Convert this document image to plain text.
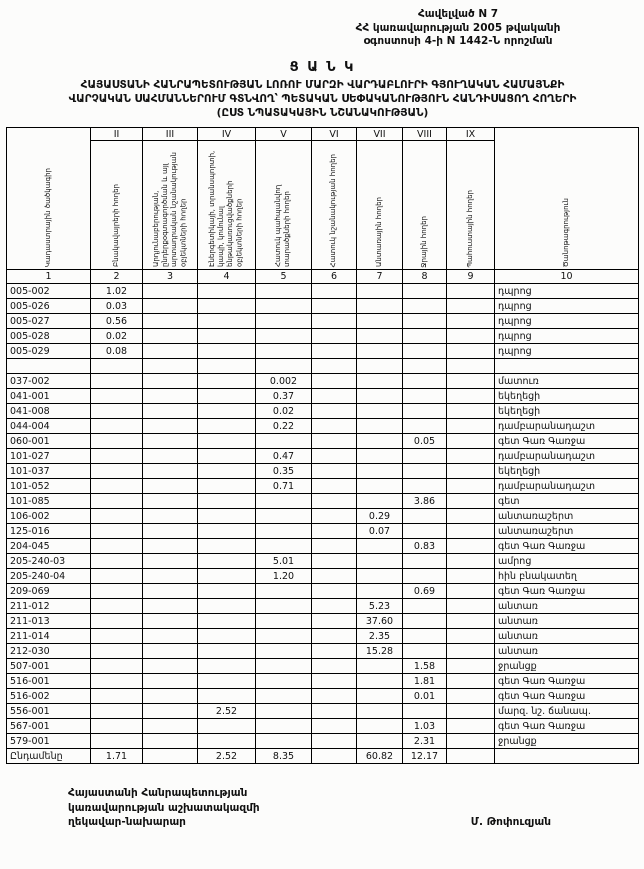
Հավելված N 7
ՀՀ կառավարության 2005 թվականի
օգոստոսի 4-ի N 1442-Ն որոշման
Ց Ա Ն Կ
ՀԱՅԱՍՏԱՆԻ ՀԱՆՐԱՊԵՏՈՒԹՅԱՆ ԼՈՌՈՒ ՄԱՐԶԻ ՎԱՐԴԱԲԼՈՒՐԻ ԳՅՈՒՂԱԿԱՆ ՀԱՄԱՅՆՔԻ
ՎԱՐՉԱԿԱՆ ՍԱՀՄԱՆՆԵՐՈՒՄ ԳՏՆՎՈՂ՝ ՊԵՏԱԿԱՆ ՍԵՓԱԿԱՆՈՒԹՅՈՒՆ ՀԱՆԴԻՍԱՑՈՂ ՀՈՂԵՐԻ
(ԸՍՏ ՆՊԱՏԱԿԱՅԻՆ ՆՇԱՆԱԿՈՒԹՅԱՆ)
Կադաստրային ծածկագիր	II	III	IV	V	VI	VII	VIII	IX	Ծանոթագրություն

	Բնակավայրերի հողեր	Արդյունաբերության, ընդերքօգտագործման և այլ արտադրական նշանակության օբյեկտների հողեր	Էներգետիկայի, տրանսպորտի, կապի, կոմունալ ենթակառուցվածքների օբյեկտների հողեր	Հատուկ պահպանվող տարածքների հողեր	Հատուկ նշանակության հողեր	Անտառային հողեր	Ջրային հողեր	Պահուստային հողեր	

1	2	3	4	5	6	7	8	9	10
005-002	1.02								դպրոց
005-026	0.03								դպրոց
005-027	0.56								դպրոց
005-028	0.02								դպրոց
005-029	0.08								դպրոց

037-002				0.002					մատուռ
041-001				0.37					եկեղեցի
041-008				0.02					եկեղեցի
044-004				0.22					դամբարանադաշտ
060-001							0.05		գետ Գառ Գառջա
101-027				0.47					դամբարանադաշտ
101-037				0.35					եկեղեցի
101-052				0.71					դամբարանադաշտ
101-085							3.86		գետ
106-002						0.29			անտառաշերտ
125-016						0.07			անտառաշերտ
204-045							0.83		գետ Գառ Գառջա
205-240-03				5.01					ամրոց
205-240-04				1.20					հին բնակատեղ
209-069							0.69		գետ Գառ Գառջա
211-012						5.23			անտառ
211-013						37.60			անտառ
211-014						2.35			անտառ
212-030						15.28			անտառ
507-001							1.58		ջրանցք
516-001							1.81		գետ Գառ Գառջա
516-002							0.01		գետ Գառ Գառջա
556-001			2.52						մարզ. նշ. ճանապ.
567-001							1.03		գետ Գառ Գառջա
579-001							2.31		ջրանցք
Ընդամենը	1.71		2.52	8.35		60.82	12.17		
Հայաստանի Հանրապետության
կառավարության աշխատակազմի
ղեկավար-նախարար	Մ. Թոփուզյան
